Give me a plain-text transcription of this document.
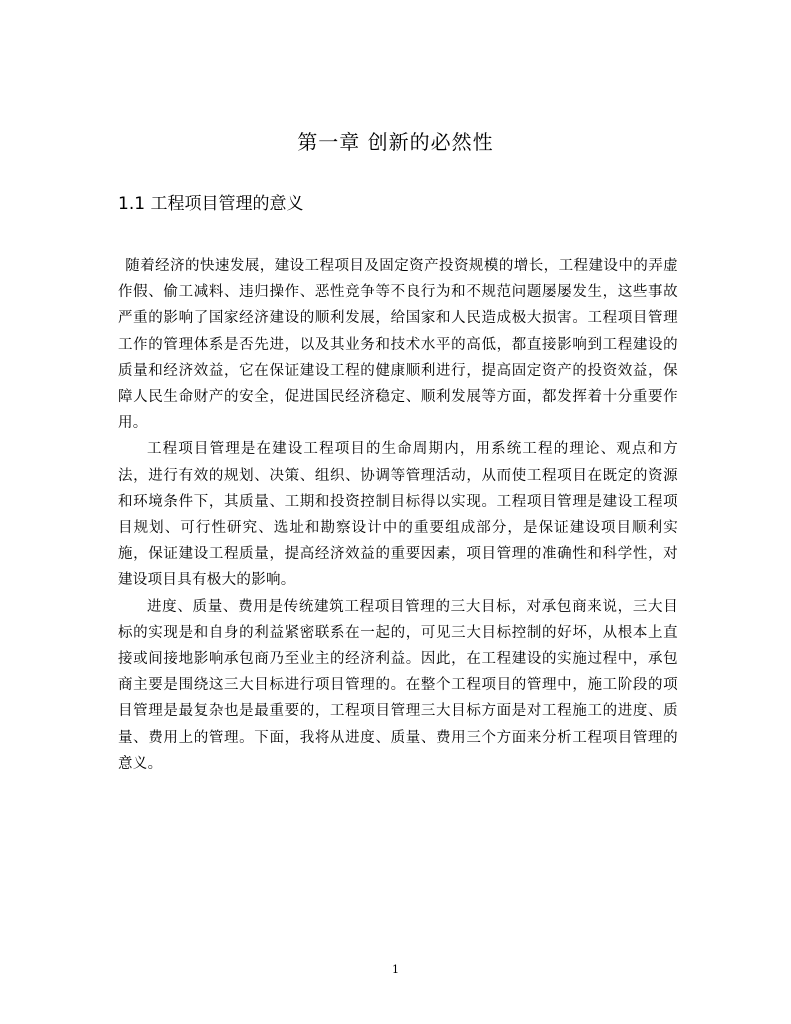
第一章 创新的必然性
1.1 工程项目管理的意义

随着经济的快速发展，建设工程项目及固定资产投资规模的增长，工程建设中的弄虚作假、偷工减料、违归操作、恶性竞争等不良行为和不规范问题屡屡发生，这些事故严重的影响了国家经济建设的顺利发展，给国家和人民造成极大损害。工程项目管理工作的管理体系是否先进，以及其业务和技术水平的高低，都直接影响到工程建设的质量和经济效益，它在保证建设工程的健康顺利进行，提高固定资产的投资效益，保障人民生命财产的安全，促进国民经济稳定、顺利发展等方面，都发挥着十分重要作用。

工程项目管理是在建设工程项目的生命周期内，用系统工程的理论、观点和方法，进行有效的规划、决策、组织、协调等管理活动，从而使工程项目在既定的资源和环境条件下，其质量、工期和投资控制目标得以实现。工程项目管理是建设工程项目规划、可行性研究、选址和勘察设计中的重要组成部分，是保证建设项目顺利实施，保证建设工程质量，提高经济效益的重要因素，项目管理的准确性和科学性，对建设项目具有极大的影响。

进度、质量、费用是传统建筑工程项目管理的三大目标，对承包商来说，三大目标的实现是和自身的利益紧密联系在一起的，可见三大目标控制的好坏，从根本上直接或间接地影响承包商乃至业主的经济利益。因此，在工程建设的实施过程中，承包商主要是围绕这三大目标进行项目管理的。在整个工程项目的管理中，施工阶段的项目管理是最复杂也是最重要的，工程项目管理三大目标方面是对工程施工的进度、质量、费用上的管理。下面，我将从进度、质量、费用三个方面来分析工程项目管理的意义。

1
